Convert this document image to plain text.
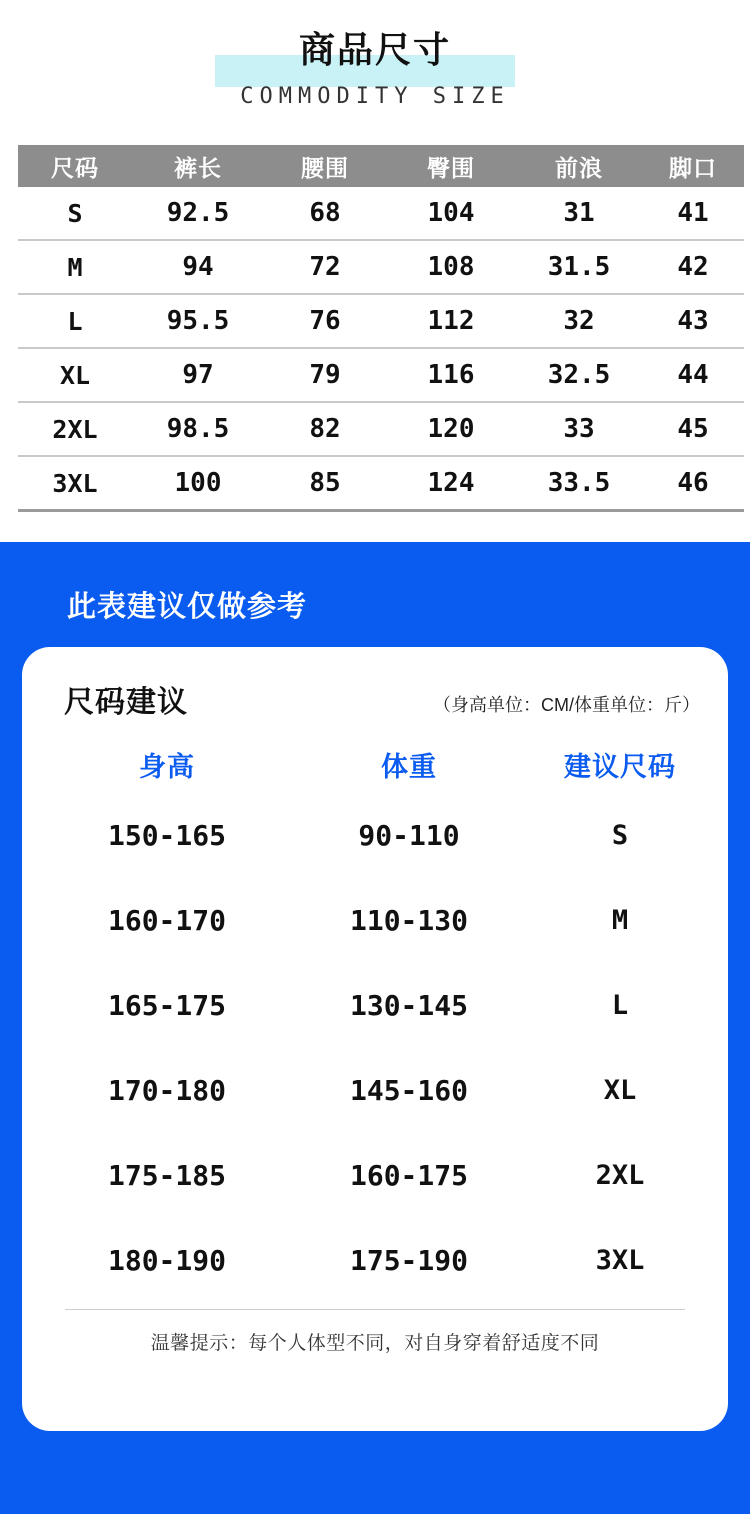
商品尺寸
COMMODITY SIZE
尺码	裤长	腰围	臀围	前浪	脚口
S	92.5	68	104	31	41
M	94	72	108	31.5	42
L	95.5	76	112	32	43
XL	97	79	116	32.5	44
2XL	98.5	82	120	33	45
3XL	100	85	124	33.5	46
此表建议仅做参考
尺码建议	（身高单位：CM/体重单位：斤）
身高	体重	建议尺码
150-165	90-110	S
160-170	110-130	M
165-175	130-145	L
170-180	145-160	XL
175-185	160-175	2XL
180-190	175-190	3XL
温馨提示：每个人体型不同，对自身穿着舒适度不同
